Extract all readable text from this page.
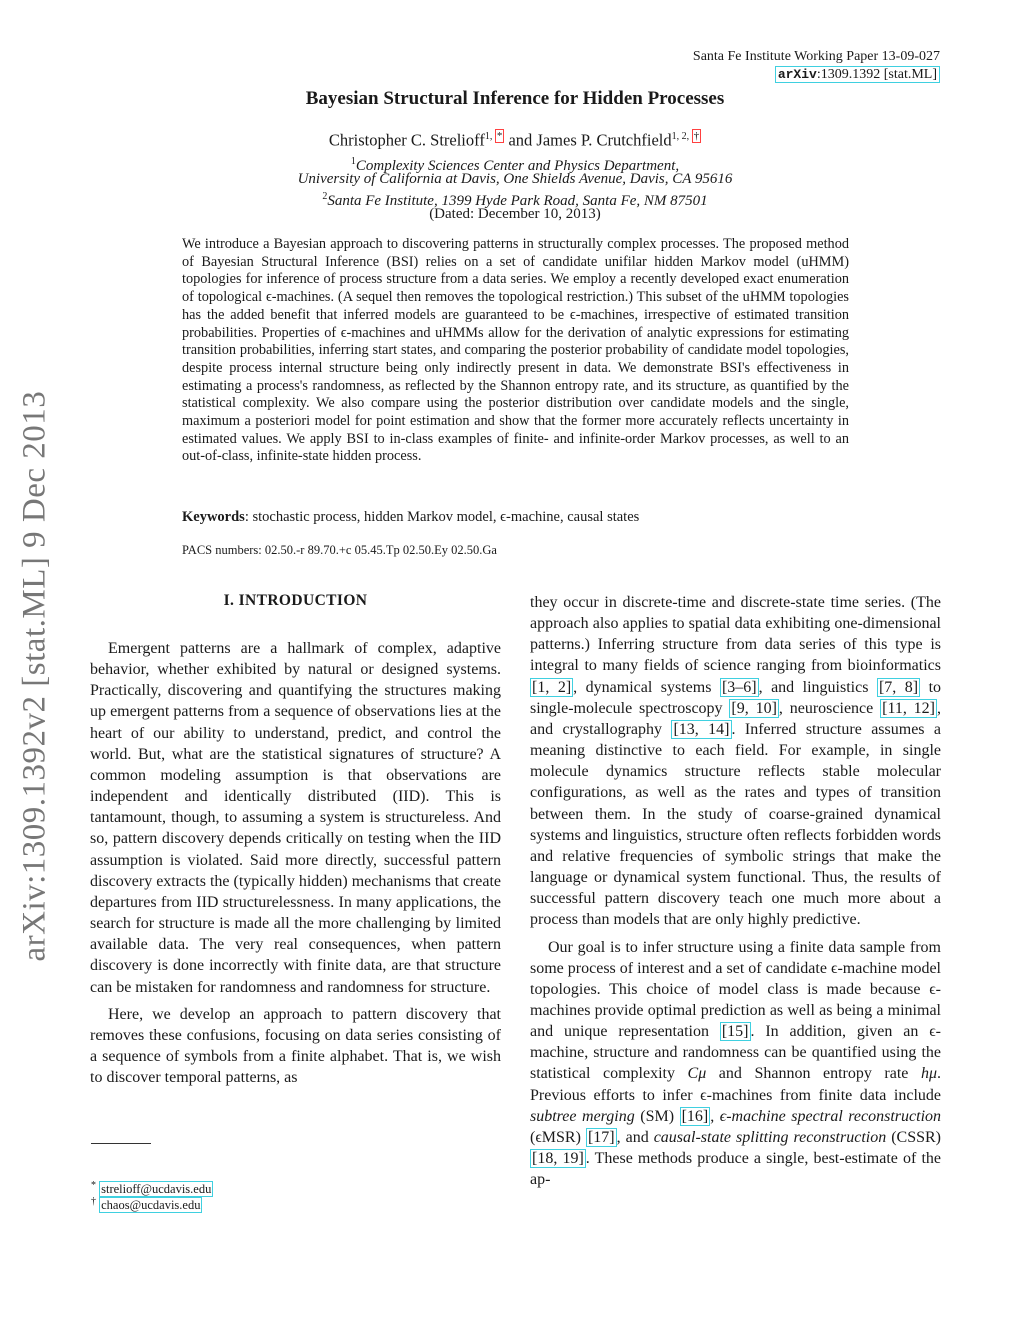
arXiv:1309.1392v2 [stat.ML] 9 Dec 2013
Santa Fe Institute Working Paper 13-09-027
arXiv:1309.1392 [stat.ML]
Bayesian Structural Inference for Hidden Processes
Christopher C. Strelioff$^{1,}$ * and James P. Crutchfield$^{1, 2,}$ †
$^1$Complexity Sciences Center and Physics Department,
University of California at Davis, One Shields Avenue, Davis, CA 95616
$^2$Santa Fe Institute, 1399 Hyde Park Road, Santa Fe, NM 87501
(Dated: December 10, 2013)
We introduce a Bayesian approach to discovering patterns in structurally complex processes. The proposed method of Bayesian Structural Inference (BSI) relies on a set of candidate unifilar hidden Markov model (uHMM) topologies for inference of process structure from a data series. We employ a recently developed exact enumeration of topological ϵ-machines. (A sequel then removes the topological restriction.) This subset of the uHMM topologies has the added benefit that inferred models are guaranteed to be ϵ-machines, irrespective of estimated transition probabilities. Properties of ϵ-machines and uHMMs allow for the derivation of analytic expressions for estimating transition probabilities, inferring start states, and comparing the posterior probability of candidate model topologies, despite process internal structure being only indirectly present in data. We demonstrate BSI's effectiveness in estimating a process's randomness, as reflected by the Shannon entropy rate, and its structure, as quantified by the statistical complexity. We also compare using the posterior distribution over candidate models and the single, maximum a posteriori model for point estimation and show that the former more accurately reflects uncertainty in estimated values. We apply BSI to in-class examples of finite- and infinite-order Markov processes, as well to an out-of-class, infinite-state hidden process.
Keywords: stochastic process, hidden Markov model, ϵ-machine, causal states
PACS numbers: 02.50.-r 89.70.+c 05.45.Tp 02.50.Ey 02.50.Ga
I. INTRODUCTION

Emergent patterns are a hallmark of complex, adaptive behavior, whether exhibited by natural or designed systems. Practically, discovering and quantifying the structures making up emergent patterns from a sequence of observations lies at the heart of our ability to understand, predict, and control the world. But, what are the statistical signatures of structure? A common modeling assumption is that observations are independent and identically distributed (IID). This is tantamount, though, to assuming a system is structureless. And so, pattern discovery depends critically on testing when the IID assumption is violated. Said more directly, successful pattern discovery extracts the (typically hidden) mechanisms that create departures from IID structurelessness. In many applications, the search for structure is made all the more challenging by limited available data. The very real consequences, when pattern discovery is done incorrectly with finite data, are that structure can be mistaken for randomness and randomness for structure.

Here, we develop an approach to pattern discovery that removes these confusions, focusing on data series consisting of a sequence of symbols from a finite alphabet. That is, we wish to discover temporal patterns, as

they occur in discrete-time and discrete-state time series. (The approach also applies to spatial data exhibiting one-dimensional patterns.) Inferring structure from data series of this type is integral to many fields of science ranging from bioinformatics [1, 2] , dynamical systems [3–6] , and linguistics [7, 8] to single-molecule spectroscopy [9, 10] , neuroscience [11, 12] , and crystallography [13, 14] . Inferred structure assumes a meaning distinctive to each field. For example, in single molecule dynamics structure reflects stable molecular configurations, as well as the rates and types of transition between them. In the study of coarse-grained dynamical systems and linguistics, structure often reflects forbidden words and relative frequencies of symbolic strings that make the language or dynamical system functional. Thus, the results of successful pattern discovery teach one much more about a process than models that are only highly predictive.

Our goal is to infer structure using a finite data sample from some process of interest and a set of candidate ϵ-machine model topologies. This choice of model class is made because ϵ-machines provide optimal prediction as well as being a minimal and unique representation [15] . In addition, given an ϵ-machine, structure and randomness can be quantified using the statistical complexity Cμ and Shannon entropy rate hμ. Previous efforts to infer ϵ-machines from finite data include subtree merging (SM) [16] , ϵ-machine spectral reconstruction (ϵMSR) [17] , and causal-state splitting reconstruction (CSSR) [18, 19] . These methods produce a single, best-estimate of the ap-

* strelioff@ucdavis.edu
† chaos@ucdavis.edu
